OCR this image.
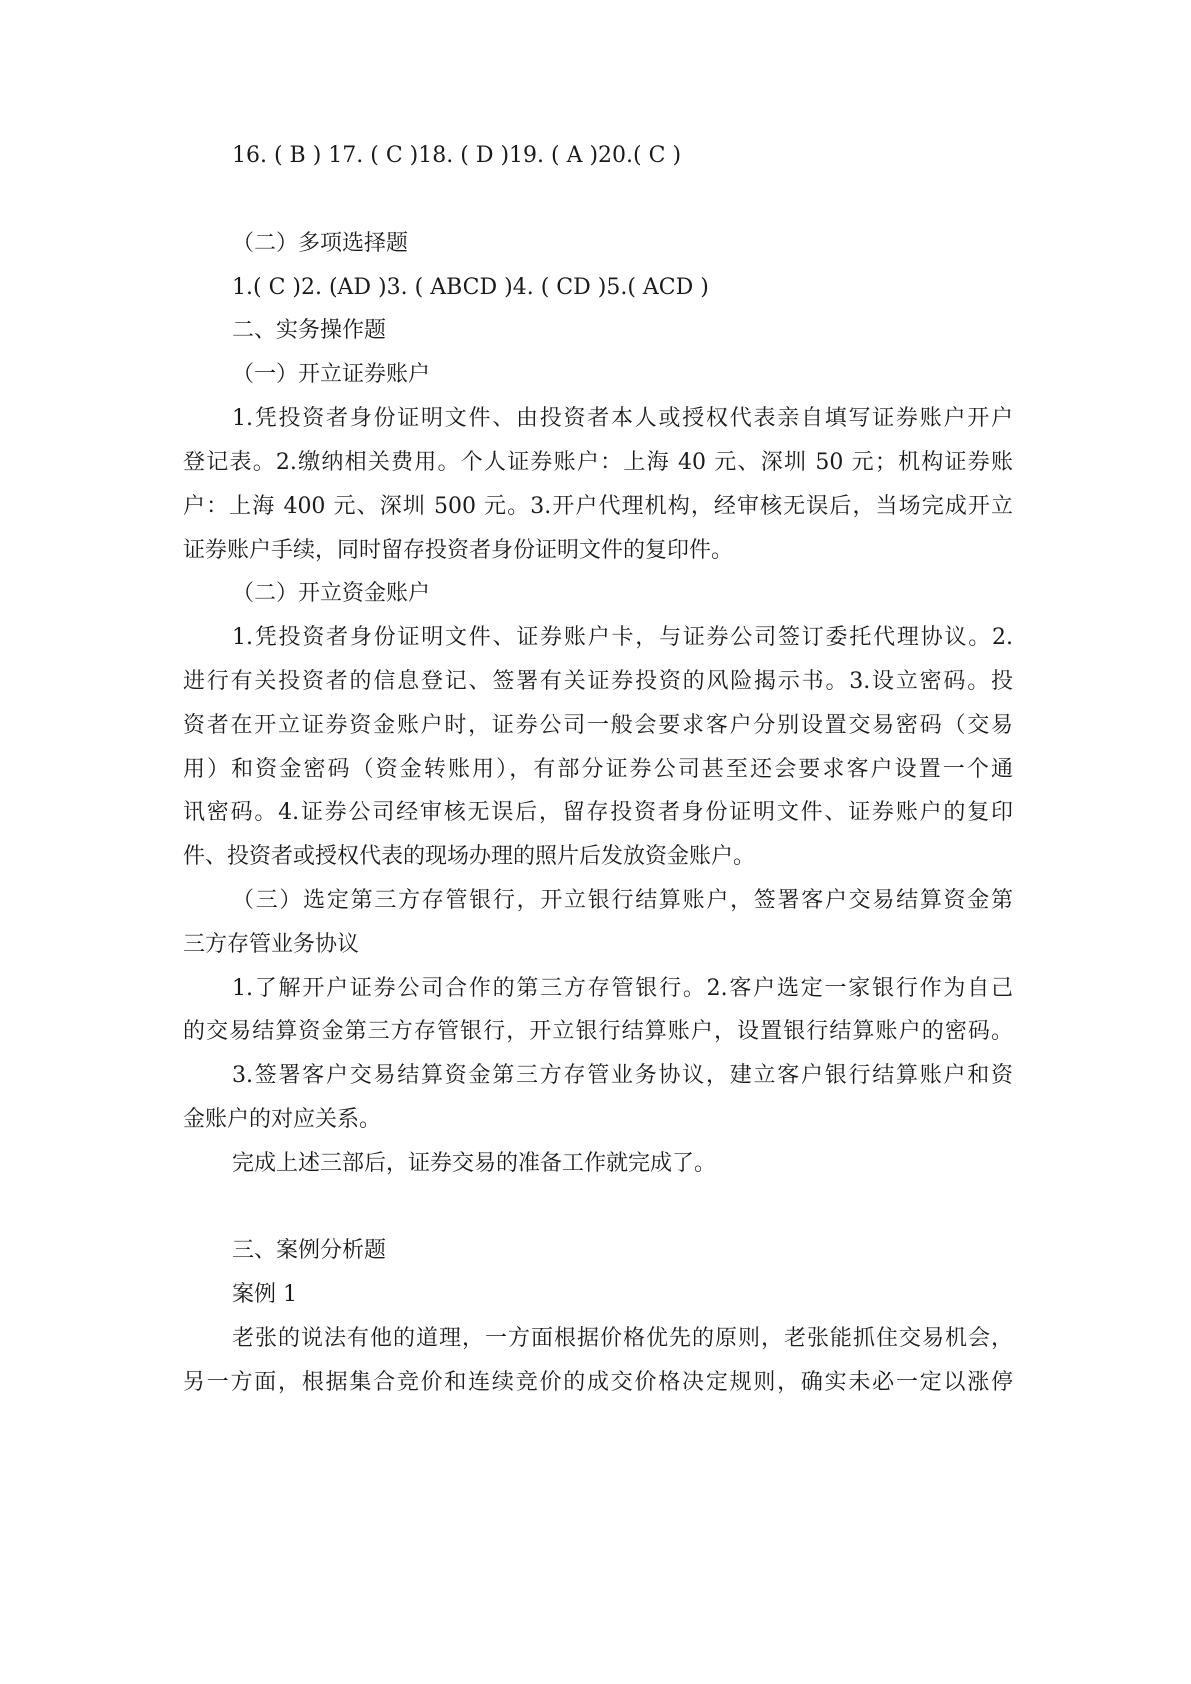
16. ( B ) 17. ( C )18. ( D )19. ( A )20.( C )
（二）多项选择题
1.( C )2. (AD )3. ( ABCD )4. ( CD )5.( ACD )
二、实务操作题
（一）开立证券账户
1.凭投资者身份证明文件、由投资者本人或授权代表亲自填写证券账户开户
登记表。2.缴纳相关费用。个人证券账户：上海 40 元、深圳 50 元；机构证券账
户：上海 400 元、深圳 500 元。3.开户代理机构，经审核无误后，当场完成开立
证券账户手续，同时留存投资者身份证明文件的复印件。
（二）开立资金账户
1.凭投资者身份证明文件、证券账户卡，与证券公司签订委托代理协议。2.
进行有关投资者的信息登记、签署有关证券投资的风险揭示书。3.设立密码。投
资者在开立证券资金账户时，证券公司一般会要求客户分别设置交易密码（交易
用）和资金密码（资金转账用），有部分证券公司甚至还会要求客户设置一个通
讯密码。4.证券公司经审核无误后，留存投资者身份证明文件、证券账户的复印
件、投资者或授权代表的现场办理的照片后发放资金账户。
（三）选定第三方存管银行，开立银行结算账户，签署客户交易结算资金第
三方存管业务协议
1.了解开户证券公司合作的第三方存管银行。2.客户选定一家银行作为自己
的交易结算资金第三方存管银行，开立银行结算账户，设置银行结算账户的密码。
3.签署客户交易结算资金第三方存管业务协议，建立客户银行结算账户和资
金账户的对应关系。
完成上述三部后，证券交易的准备工作就完成了。
三、案例分析题
案例 1
老张的说法有他的道理，一方面根据价格优先的原则，老张能抓住交易机会，
另一方面，根据集合竞价和连续竞价的成交价格决定规则，确实未必一定以涨停
